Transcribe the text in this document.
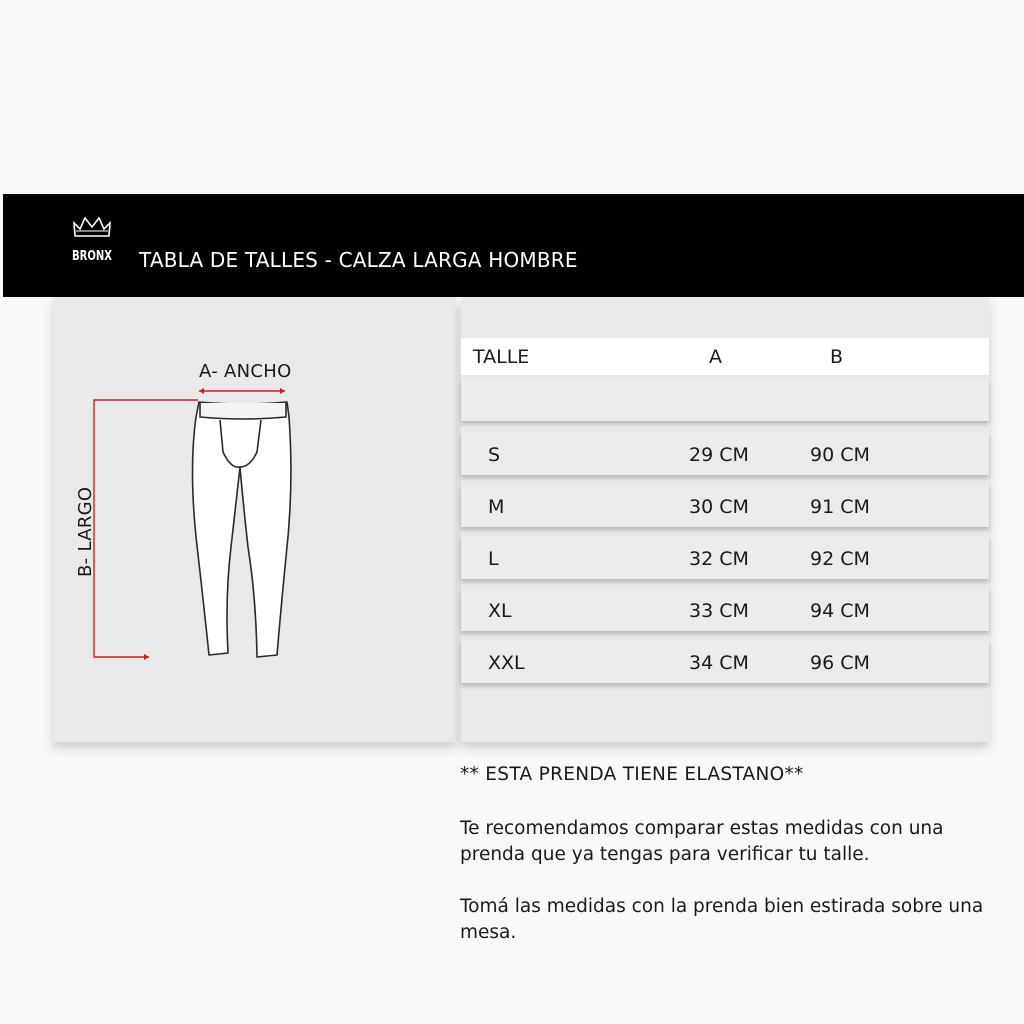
BRONX TABLA DE TALLES - CALZA LARGA HOMBRE
A- ANCHO
B- LARGO
TALLE	A	B
S	29 CM	90 CM
M	30 CM	91 CM
L	32 CM	92 CM
XL	33 CM	94 CM
XXL	34 CM	96 CM
** ESTA PRENDA TIENE ELASTANO**
Te recomendamos comparar estas medidas con una prenda que ya tengas para verificar tu talle.
Tomá las medidas con la prenda bien estirada sobre una mesa.
